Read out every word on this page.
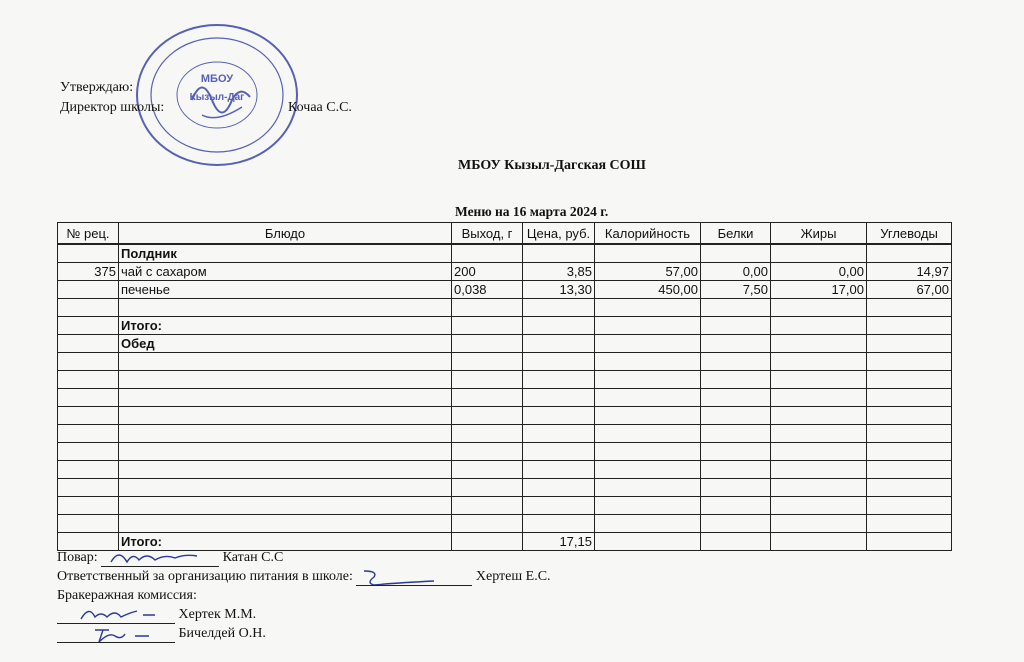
МБОУ
Кызыл-Даг
Утверждаю:
Директор школы:	Кочаа С.С.
МБОУ Кызыл-Дагская СОШ
Меню на 16 марта 2024 г.
№ рец.	Блюдо	Выход, г	Цена, руб.	Калорийность	Белки	Жиры	Углеводы
	Полдник						
375	чай с сахаром	200	3,85	57,00	0,00	0,00	14,97
	печенье	0,038	13,30	450,00	7,50	17,00	67,00

	Итого:						
	Обед						

	Итого:		17,15				
Повар:	Катан С.С
Ответственный за организацию питания в школе:	Хертеш Е.С.
Бракеражная комиссия:
Хертек М.М.
Бичелдей О.Н.
